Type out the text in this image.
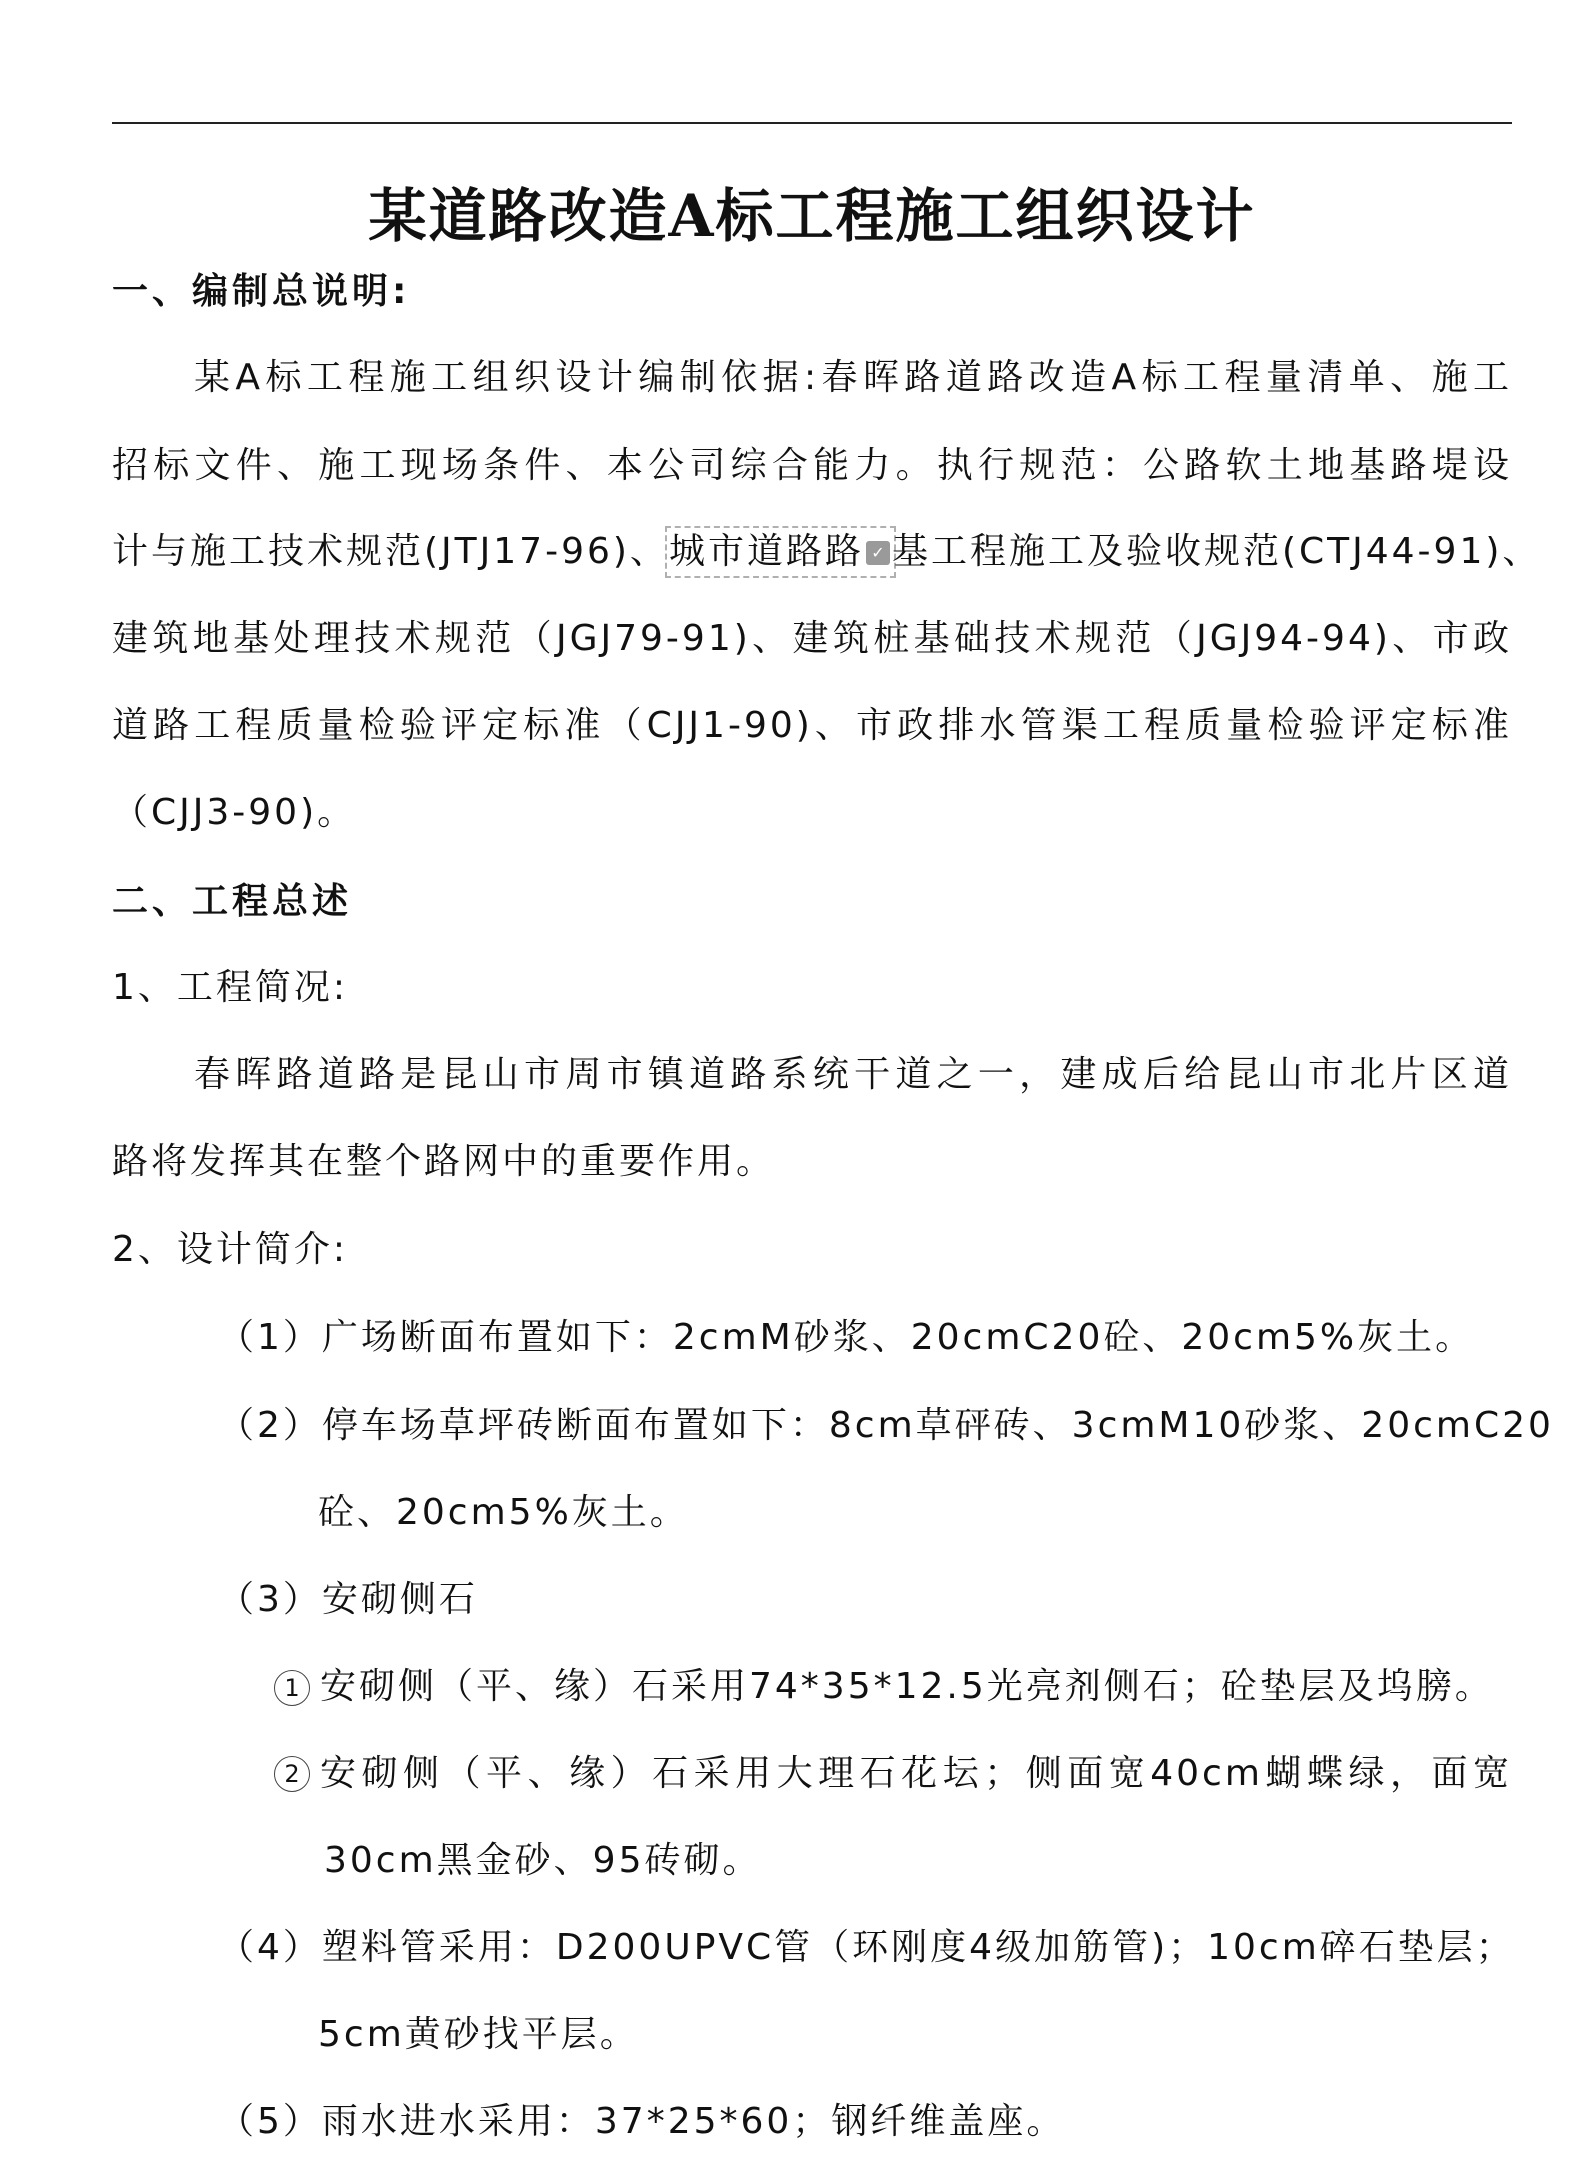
某道路改造A标工程施工组织设计
一、编制总说明:
某A标工程施工组织设计编制依据:春晖路道路改造A标工程量清单、施工
招标文件、施工现场条件、本公司综合能力。执行规范：公路软土地基路堤设
计与施工技术规范(JTJ17-96)、 城市道路路 ✓ 基工程施工及验收规范(CTJ44-91)、
建筑地基处理技术规范（JGJ79-91)、建筑桩基础技术规范（JGJ94-94)、市政
道路工程质量检验评定标准（CJJ1-90)、市政排水管渠工程质量检验评定标准
（CJJ3-90)。
二、工程总述
1、工程简况:
春晖路道路是昆山市周市镇道路系统干道之一，建成后给昆山市北片区道
路将发挥其在整个路网中的重要作用。
2、设计简介:
（1）广场断面布置如下：2cmM砂浆、20cmC20砼、20cm5%灰土。
（2）停车场草坪砖断面布置如下：8cm草砰砖、3cmM10砂浆、20cmC20
砼、20cm5%灰土。
（3）安砌侧石
1 安砌侧（平、缘）石采用74*35*12.5光亮剂侧石；砼垫层及坞膀。
2 安砌侧（平、缘）石采用大理石花坛；侧面宽40cm蝴蝶绿，面宽
30cm黑金砂、95砖砌。
（4）塑料管采用：D200UPVC管（环刚度4级加筋管)；10cm碎石垫层；
5cm黄砂找平层。
（5）雨水进水采用：37*25*60；钢纤维盖座。
